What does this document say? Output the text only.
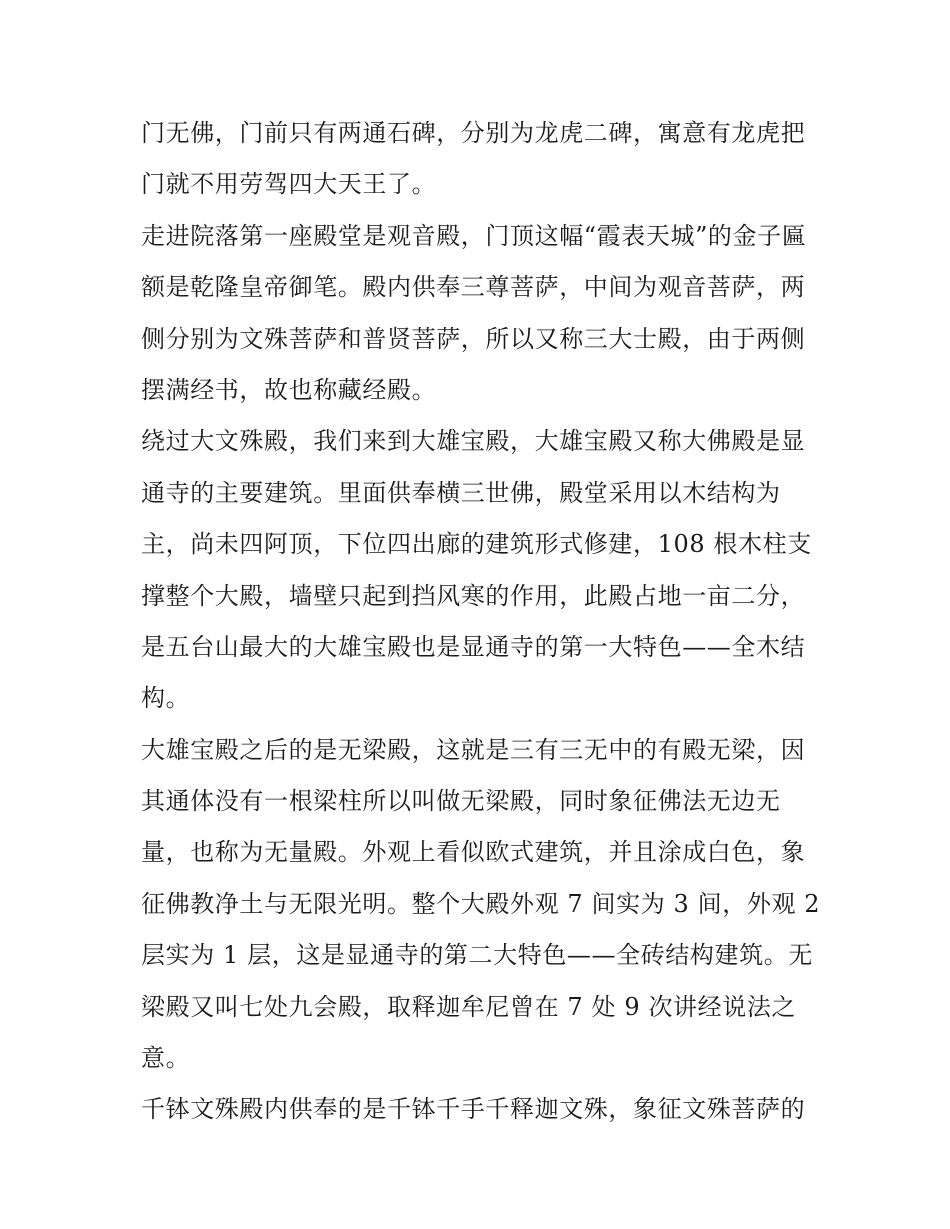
门无佛，门前只有两通石碑，分别为龙虎二碑，寓意有龙虎把
门就不用劳驾四大天王了。
走进院落第一座殿堂是观音殿，门顶这幅“霞表天城”的金子匾
额是乾隆皇帝御笔。殿内供奉三尊菩萨，中间为观音菩萨，两
侧分别为文殊菩萨和普贤菩萨，所以又称三大士殿，由于两侧
摆满经书，故也称藏经殿。
绕过大文殊殿，我们来到大雄宝殿，大雄宝殿又称大佛殿是显
通寺的主要建筑。里面供奉横三世佛，殿堂采用以木结构为
主，尚未四阿顶，下位四出廊的建筑形式修建，108 根木柱支
撑整个大殿，墙壁只起到挡风寒的作用，此殿占地一亩二分，
是五台山最大的大雄宝殿也是显通寺的第一大特色——全木结
构。
大雄宝殿之后的是无梁殿，这就是三有三无中的有殿无梁，因
其通体没有一根梁柱所以叫做无梁殿，同时象征佛法无边无
量，也称为无量殿。外观上看似欧式建筑，并且涂成白色，象
征佛教净土与无限光明。整个大殿外观 7 间实为 3 间，外观 2
层实为 1 层，这是显通寺的第二大特色——全砖结构建筑。无
梁殿又叫七处九会殿，取释迦牟尼曾在 7 处 9 次讲经说法之
意。
千钵文殊殿内供奉的是千钵千手千释迦文殊，象征文殊菩萨的
